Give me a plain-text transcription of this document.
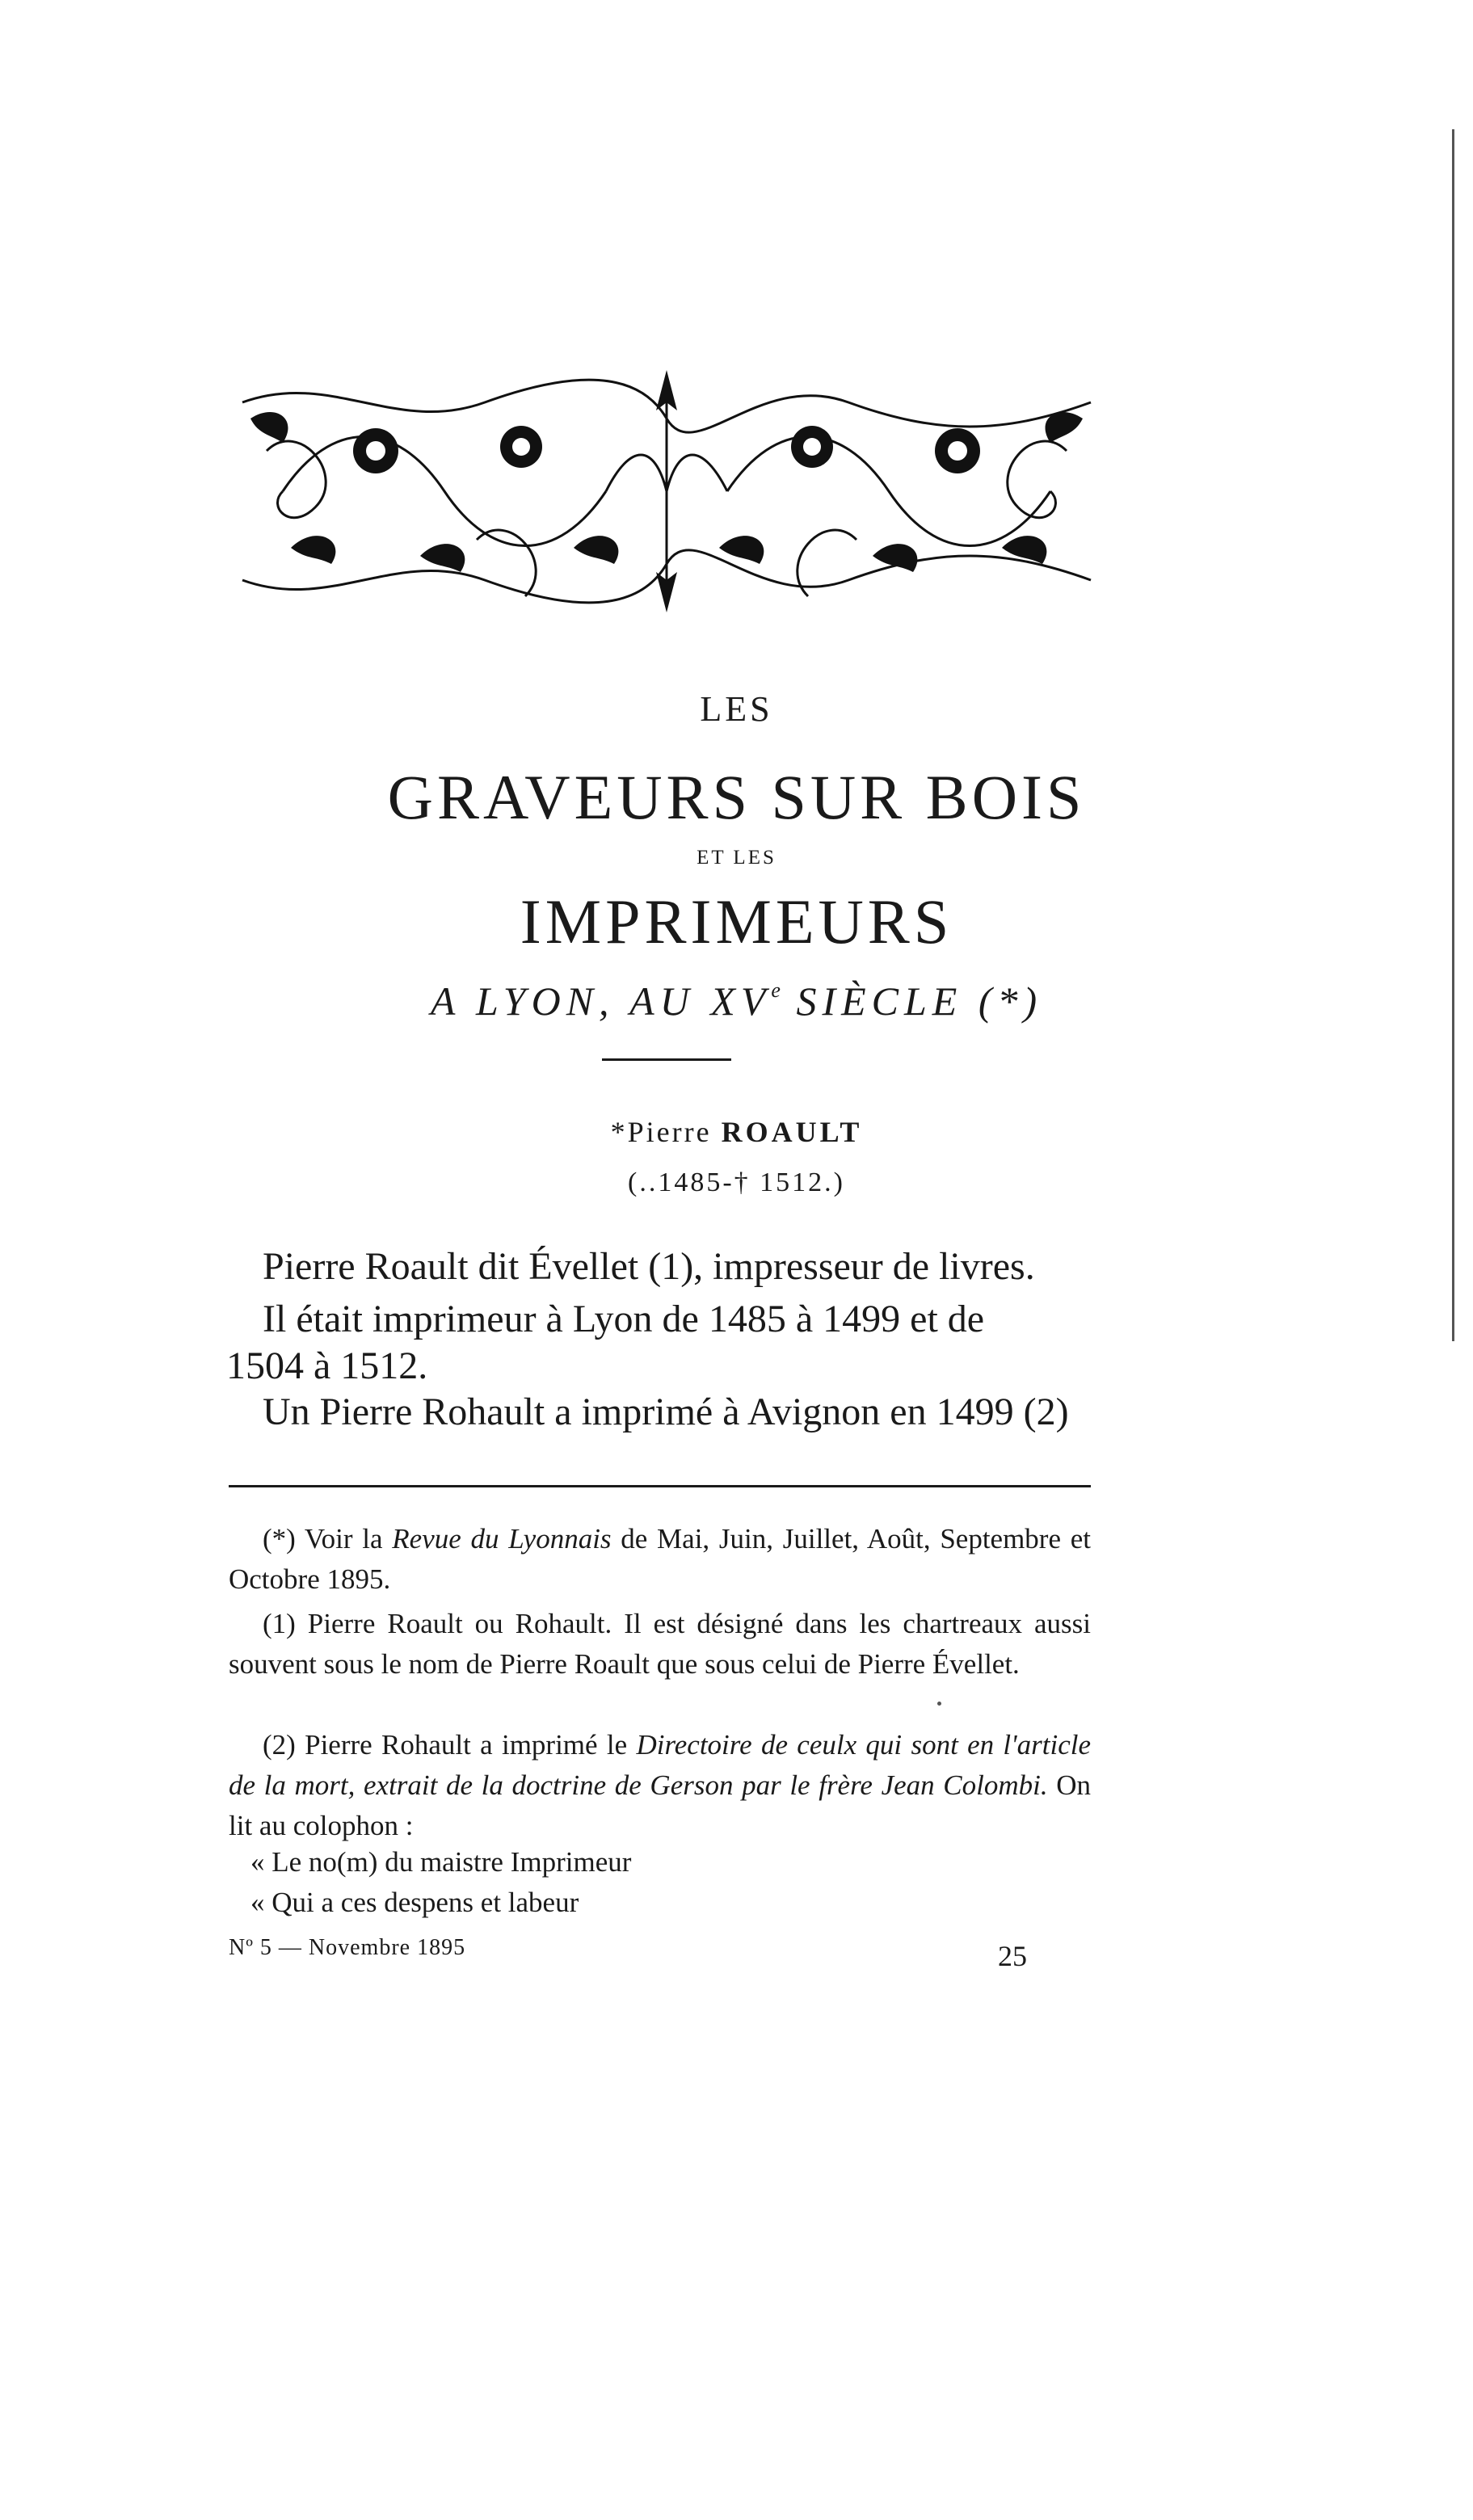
LES
GRAVEURS SUR BOIS
ET LES
IMPRIMEURS
A LYON, AU XVe SIÈCLE (*)
*Pierre ROAULT
(..1485-† 1512.)
Pierre Roault dit Évellet (1), impresseur de livres.
Il était imprimeur à Lyon de 1485 à 1499 et de
1504 à 1512.
Un Pierre Rohault a imprimé à Avignon en 1499 (2)
(*) Voir la Revue du Lyonnais de Mai, Juin, Juillet, Août, Septembre et Octobre 1895.
(1) Pierre Roault ou Rohault. Il est désigné dans les chartreaux aussi souvent sous le nom de Pierre Roault que sous celui de Pierre Évellet.
(2) Pierre Rohault a imprimé le Directoire de ceulx qui sont en l'article de la mort, extrait de la doctrine de Gerson par le frère Jean Colombi. On lit au colophon :
« Le no(m) du maistre Imprimeur
« Qui a ces despens et labeur
Nº 5 — Novembre 1895	25
